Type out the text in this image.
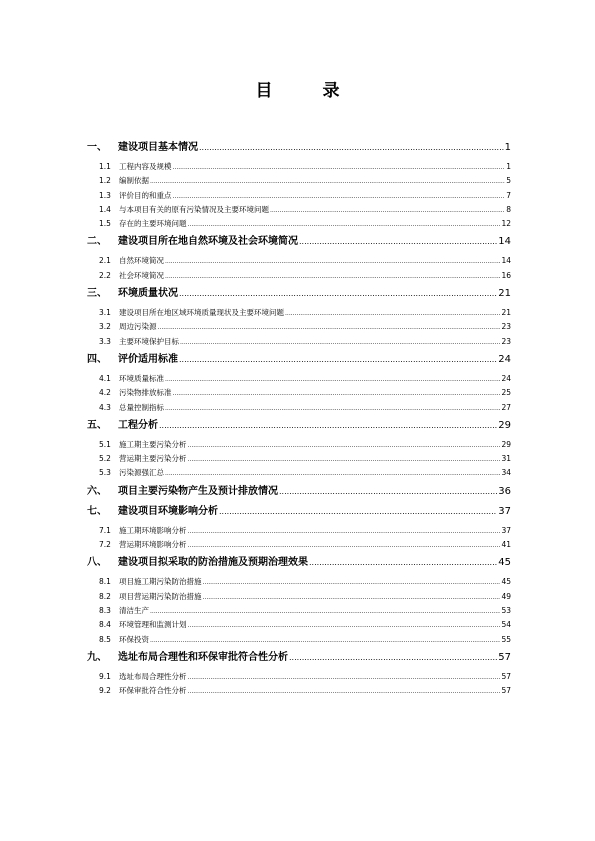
目 录
一、	建设项目基本情况 .....	1
1.1	工程内容及规模 .....	1
1.2	编制依据 .....	5
1.3	评价目的和重点 .....	7
1.4	与本项目有关的原有污染情况及主要环境问题 .....	8
1.5	存在的主要环境问题 .....	12
二、	建设项目所在地自然环境及社会环境简况 .....	14
2.1	自然环境简况 .....	14
2.2	社会环境简况 .....	16
三、	环境质量状况 .....	21
3.1	建设项目所在地区域环境质量现状及主要环境问题 .....	21
3.2	周边污染源 .....	23
3.3	主要环境保护目标 .....	23
四、	评价适用标准 .....	24
4.1	环境质量标准 .....	24
4.2	污染物排放标准 .....	25
4.3	总量控制指标 .....	27
五、	工程分析 .....	29
5.1	施工期主要污染分析 .....	29
5.2	营运期主要污染分析 .....	31
5.3	污染源强汇总 .....	34
六、	项目主要污染物产生及预计排放情况 .....	36
七、	建设项目环境影响分析 .....	37
7.1	施工期环境影响分析 .....	37
7.2	营运期环境影响分析 .....	41
八、	建设项目拟采取的防治措施及预期治理效果 .....	45
8.1	项目施工期污染防治措施 .....	45
8.2	项目营运期污染防治措施 .....	49
8.3	清洁生产 .....	53
8.4	环境管理和监测计划 .....	54
8.5	环保投资 .....	55
九、	选址布局合理性和环保审批符合性分析 .....	57
9.1	选址布局合理性分析 .....	57
9.2	环保审批符合性分析 .....	57
